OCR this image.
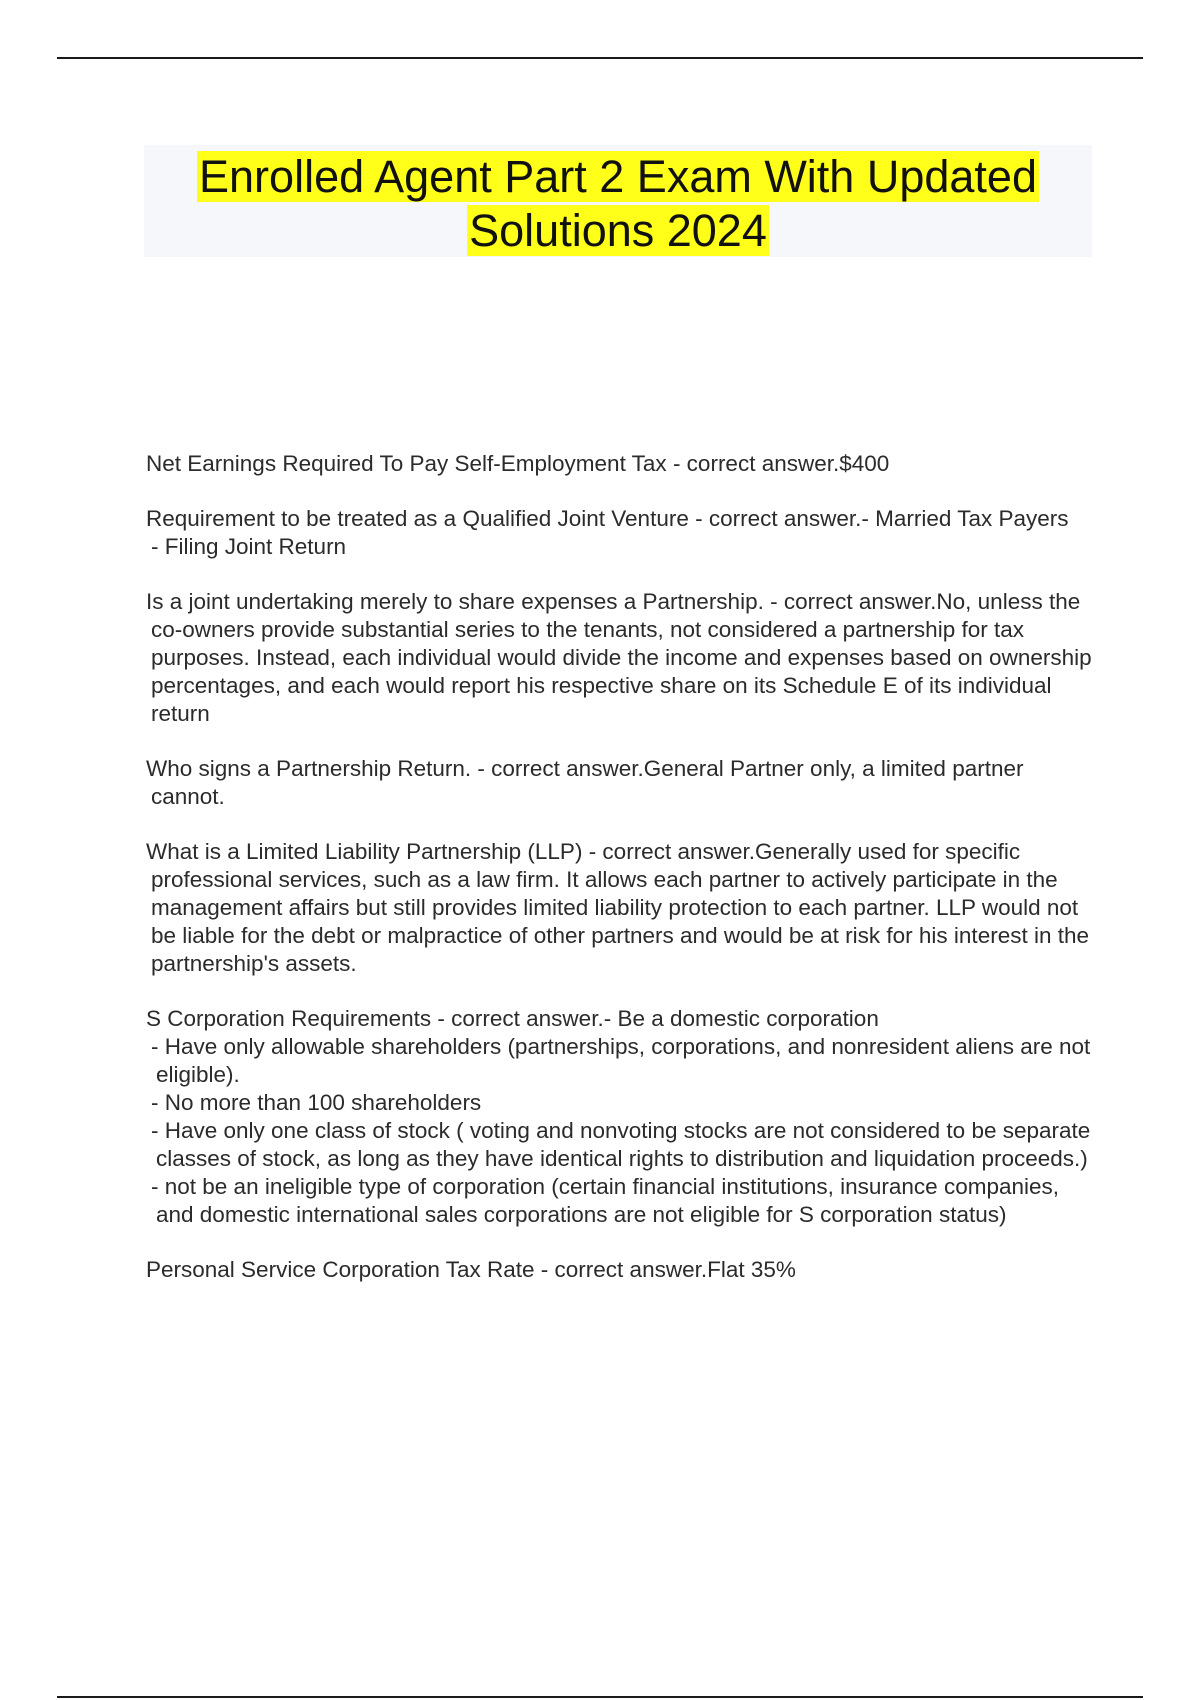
Enrolled Agent Part 2 Exam With Updated
Solutions 2024
Net Earnings Required To Pay Self-Employment Tax - correct answer.$400
Requirement to be treated as a Qualified Joint Venture - correct answer.- Married Tax Payers
- Filing Joint Return
Is a joint undertaking merely to share expenses a Partnership. - correct answer.No, unless the co-owners provide substantial series to the tenants, not considered a partnership for tax purposes. Instead, each individual would divide the income and expenses based on ownership percentages, and each would report his respective share on its Schedule E of its individual return
Who signs a Partnership Return. - correct answer.General Partner only, a limited partner cannot.
What is a Limited Liability Partnership (LLP) - correct answer.Generally used for specific professional services, such as a law firm. It allows each partner to actively participate in the management affairs but still provides limited liability protection to each partner. LLP would not be liable for the debt or malpractice of other partners and would be at risk for his interest in the partnership's assets.
S Corporation Requirements - correct answer.- Be a domestic corporation
- Have only allowable shareholders (partnerships, corporations, and nonresident aliens are not eligible).
- No more than 100 shareholders
- Have only one class of stock ( voting and nonvoting stocks are not considered to be separate classes of stock, as long as they have identical rights to distribution and liquidation proceeds.)
- not be an ineligible type of corporation (certain financial institutions, insurance companies, and domestic international sales corporations are not eligible for S corporation status)
Personal Service Corporation Tax Rate - correct answer.Flat 35%
